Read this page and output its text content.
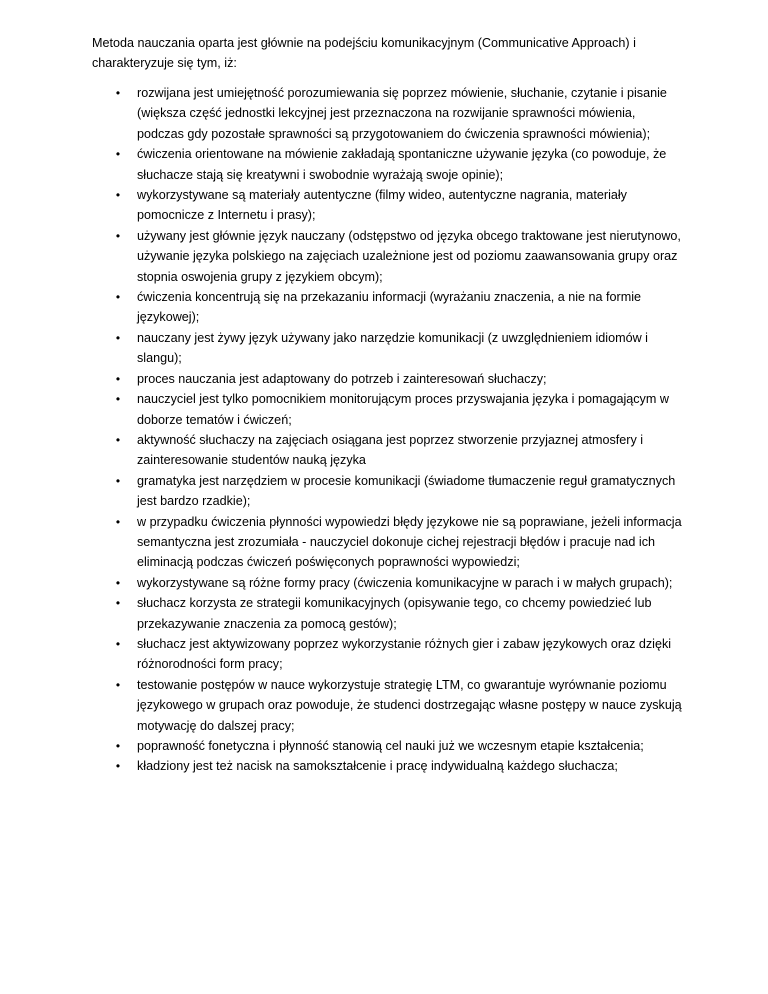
Metoda nauczania oparta jest głównie na podejściu komunikacyjnym (Communicative Approach) i charakteryzuje się tym, iż:

• rozwijana jest umiejętność porozumiewania się poprzez mówienie, słuchanie, czytanie i pisanie (większa część jednostki lekcyjnej jest przeznaczona na rozwijanie sprawności mówienia, podczas gdy pozostałe sprawności są przygotowaniem do ćwiczenia sprawności mówienia);
• ćwiczenia orientowane na mówienie zakładają spontaniczne używanie języka (co powoduje, że słuchacze stają się kreatywni i swobodnie wyrażają swoje opinie);
• wykorzystywane są materiały autentyczne (filmy wideo, autentyczne nagrania, materiały pomocnicze z Internetu i prasy);
• używany jest głównie język nauczany (odstępstwo od języka obcego traktowane jest nierutynowo, używanie języka polskiego na zajęciach uzależnione jest od poziomu zaawansowania grupy oraz stopnia oswojenia grupy z językiem obcym);
• ćwiczenia koncentrują się na przekazaniu informacji (wyrażaniu znaczenia, a nie na formie językowej);
• nauczany jest żywy język używany jako narzędzie komunikacji (z uwzględnieniem idiomów i slangu);
• proces nauczania jest adaptowany do potrzeb i zainteresowań słuchaczy;
• nauczyciel jest tylko pomocnikiem monitorującym proces przyswajania języka i pomagającym w doborze tematów i ćwiczeń;
• aktywność słuchaczy na zajęciach osiągana jest poprzez stworzenie przyjaznej atmosfery i zainteresowanie studentów nauką języka
• gramatyka jest narzędziem w procesie komunikacji (świadome tłumaczenie reguł gramatycznych jest bardzo rzadkie);
• w przypadku ćwiczenia płynności wypowiedzi błędy językowe nie są poprawiane, jeżeli informacja semantyczna jest zrozumiała - nauczyciel dokonuje cichej rejestracji błędów i pracuje nad ich eliminacją podczas ćwiczeń poświęconych poprawności wypowiedzi;
• wykorzystywane są różne formy pracy (ćwiczenia komunikacyjne w parach i w małych grupach);
• słuchacz korzysta ze strategii komunikacyjnych (opisywanie tego, co chcemy powiedzieć lub przekazywanie znaczenia za pomocą gestów);
• słuchacz jest aktywizowany poprzez wykorzystanie różnych gier i zabaw językowych oraz dzięki różnorodności form pracy;
• testowanie postępów w nauce wykorzystuje strategię LTM, co gwarantuje wyrównanie poziomu językowego w grupach oraz powoduje, że studenci dostrzegając własne postępy w nauce zyskują motywację do dalszej pracy;
• poprawność fonetyczna i płynność stanowią cel nauki już we wczesnym etapie kształcenia;
• kładziony jest też nacisk na samokształcenie i pracę indywidualną każdego słuchacza;
